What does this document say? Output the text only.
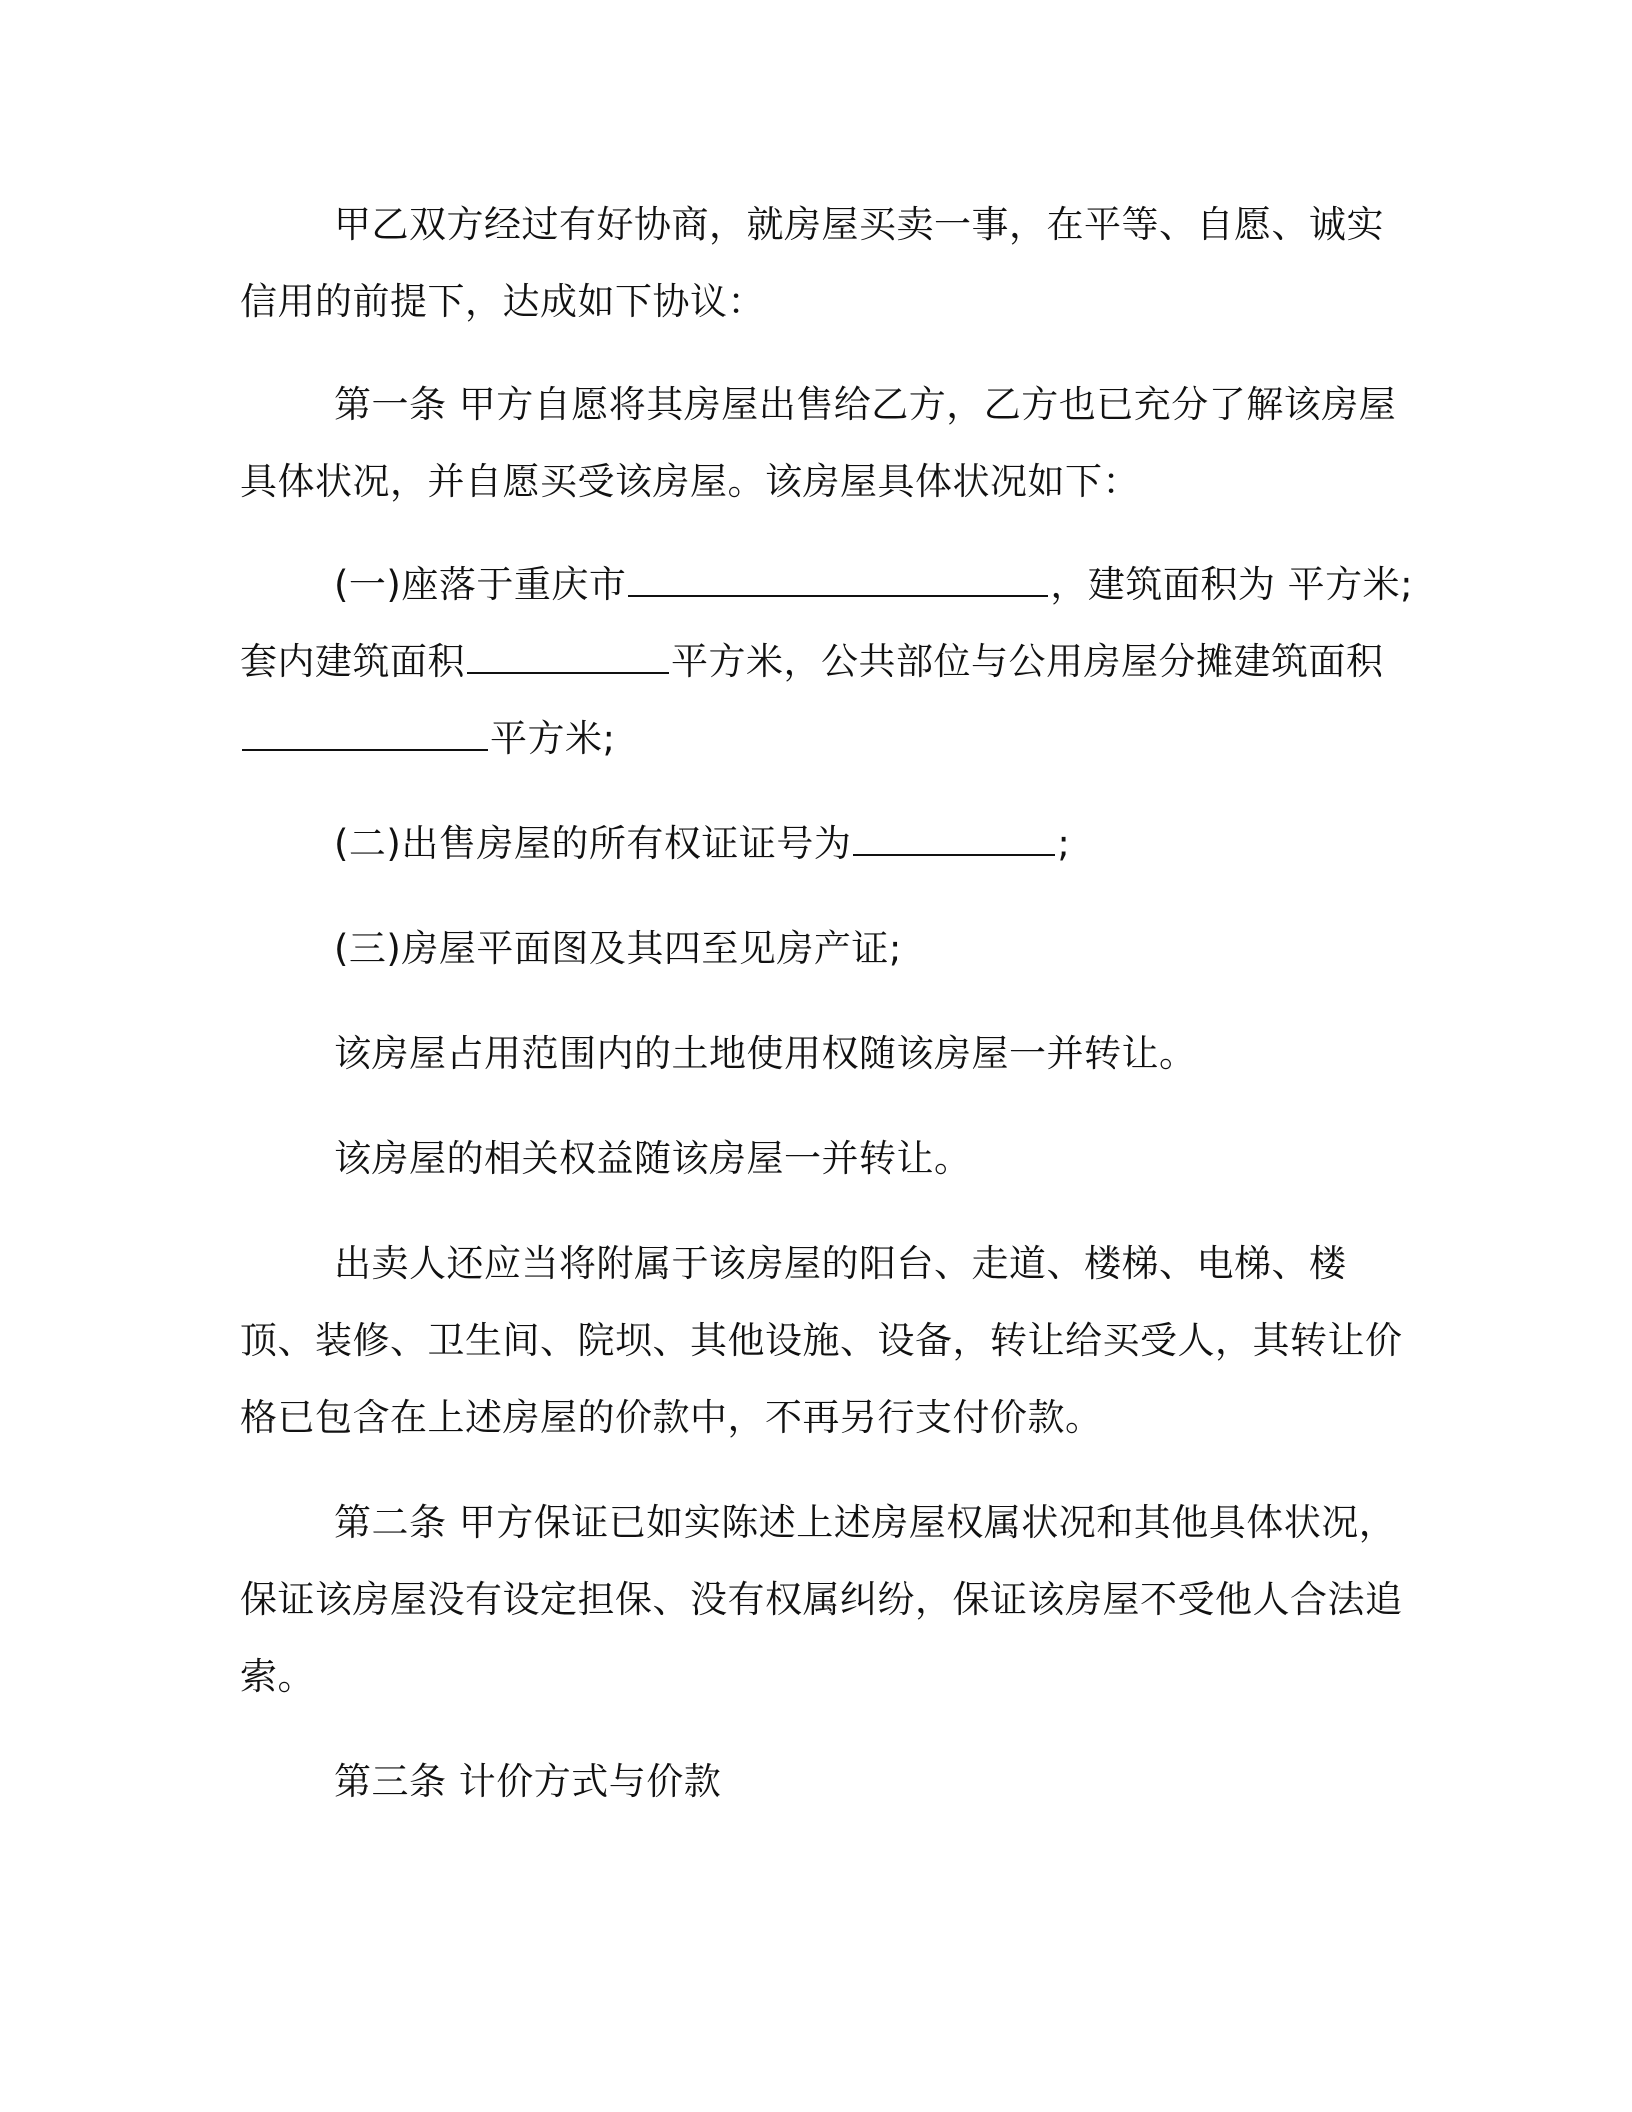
甲乙双方经过有好协商，就房屋买卖一事，在平等、自愿、诚实信用的前提下，达成如下协议：

第一条 甲方自愿将其房屋出售给乙方，乙方也已充分了解该房屋具体状况，并自愿买受该房屋。该房屋具体状况如下：

(一)座落于重庆市	，建筑面积为 平方米;套内建筑面积	平方米，公共部位与公用房屋分摊建筑面积平方米;

(二)出售房屋的所有权证证号为	;

(三)房屋平面图及其四至见房产证;

该房屋占用范围内的土地使用权随该房屋一并转让。

该房屋的相关权益随该房屋一并转让。

出卖人还应当将附属于该房屋的阳台、走道、楼梯、电梯、楼顶、装修、卫生间、院坝、其他设施、设备，转让给买受人，其转让价格已包含在上述房屋的价款中，不再另行支付价款。

第二条 甲方保证已如实陈述上述房屋权属状况和其他具体状况，保证该房屋没有设定担保、没有权属纠纷，保证该房屋不受他人合法追索。

第三条 计价方式与价款
